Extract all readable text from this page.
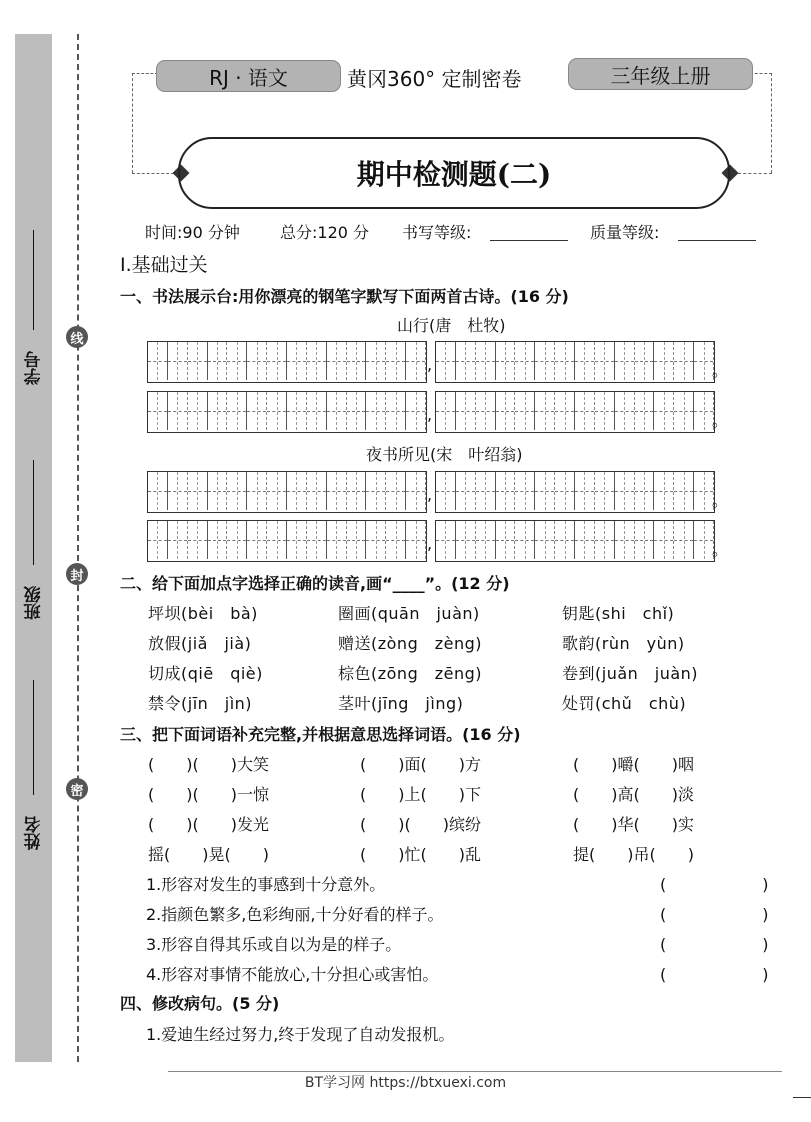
学号
班级
姓名
线
封
密
RJ · 语文	黄冈360° 定制密卷	三年级上册
期中检测题(二)
时间:90 分钟	总分:120 分 书写等级:	质量等级:
Ⅰ.基础过关
一、书法展示台:用你漂亮的钢笔字默写下面两首古诗。(16 分)
山行(唐　杜牧)
,	。
,	。
夜书所见(宋　叶绍翁)
,	。
,	。
二、给下面加点字选择正确的读音,画“____”。(12 分)
坪坝(bèi　bà)	圈画(quān　juàn)	钥匙(shi　chǐ)
放假(jiǎ　jià)	赠送(zòng　zèng)	歌韵(rùn　yùn)
切成(qiē　qiè)	棕色(zōng　zēng)	卷到(juǎn　juàn)
禁令(jīn　jìn)	茎叶(jīng　jìng)	处罚(chǔ　chù)
三、把下面词语补充完整,并根据意思选择词语。(16 分)
(　　)(　　)大笑	(　　)面(　　)方	(　　)嚼(　　)咽
(　　)(　　)一惊	(　　)上(　　)下	(　　)高(　　)淡
(　　)(　　)发光	(　　)(　　)缤纷	(　　)华(　　)实
摇(　　)晃(　　)	(　　)忙(　　)乱	提(　　)吊(　　)
1.形容对发生的事感到十分意外。	(　　　　　　)
2.指颜色繁多,色彩绚丽,十分好看的样子。	(　　　　　　)
3.形容自得其乐或自以为是的样子。	(　　　　　　)
4.形容对事情不能放心,十分担心或害怕。	(　　　　　　)
四、修改病句。(5 分)
1.爱迪生经过努力,终于发现了自动发报机。
BT学习网 https://btxuexi.com
